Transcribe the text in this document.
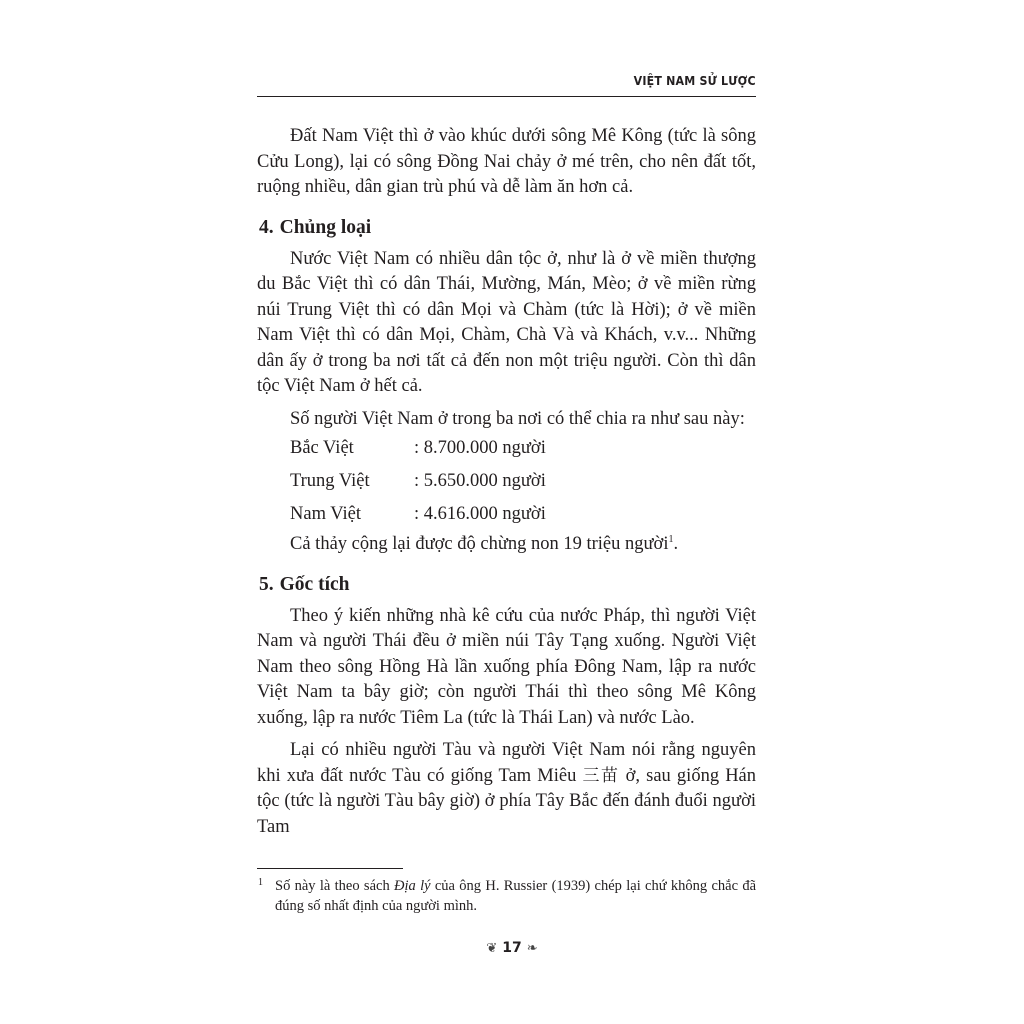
VIỆT NAM SỬ LƯỢC

Đất Nam Việt thì ở vào khúc dưới sông Mê Kông (tức là sông Cửu Long), lại có sông Đồng Nai chảy ở mé trên, cho nên đất tốt, ruộng nhiều, dân gian trù phú và dễ làm ăn hơn cả.

4. Chủng loại

Nước Việt Nam có nhiều dân tộc ở, như là ở về miền thượng du Bắc Việt thì có dân Thái, Mường, Mán, Mèo; ở về miền rừng núi Trung Việt thì có dân Mọi và Chàm (tức là Hời); ở về miền Nam Việt thì có dân Mọi, Chàm, Chà Và và Khách, v.v... Những dân ấy ở trong ba nơi tất cả đến non một triệu người. Còn thì dân tộc Việt Nam ở hết cả.

Số người Việt Nam ở trong ba nơi có thể chia ra như sau này:

Bắc Việt	: 8.700.000 người
Trung Việt	: 5.650.000 người
Nam Việt	: 4.616.000 người

Cả thảy cộng lại được độ chừng non 19 triệu người$^1$.

5. Gốc tích

Theo ý kiến những nhà kê cứu của nước Pháp, thì người Việt Nam và người Thái đều ở miền núi Tây Tạng xuống. Người Việt Nam theo sông Hồng Hà lần xuống phía Đông Nam, lập ra nước Việt Nam ta bây giờ; còn người Thái thì theo sông Mê Kông xuống, lập ra nước Tiêm La (tức là Thái Lan) và nước Lào.

Lại có nhiều người Tàu và người Việt Nam nói rằng nguyên khi xưa đất nước Tàu có giống Tam Miêu 三苗 ở, sau giống Hán tộc (tức là người Tàu bây giờ) ở phía Tây Bắc đến đánh đuổi người Tam

1 Số này là theo sách Địa lý của ông H. Russier (1939) chép lại chứ không chắc đã đúng số nhất định của người mình.
❦ 17 ❧
